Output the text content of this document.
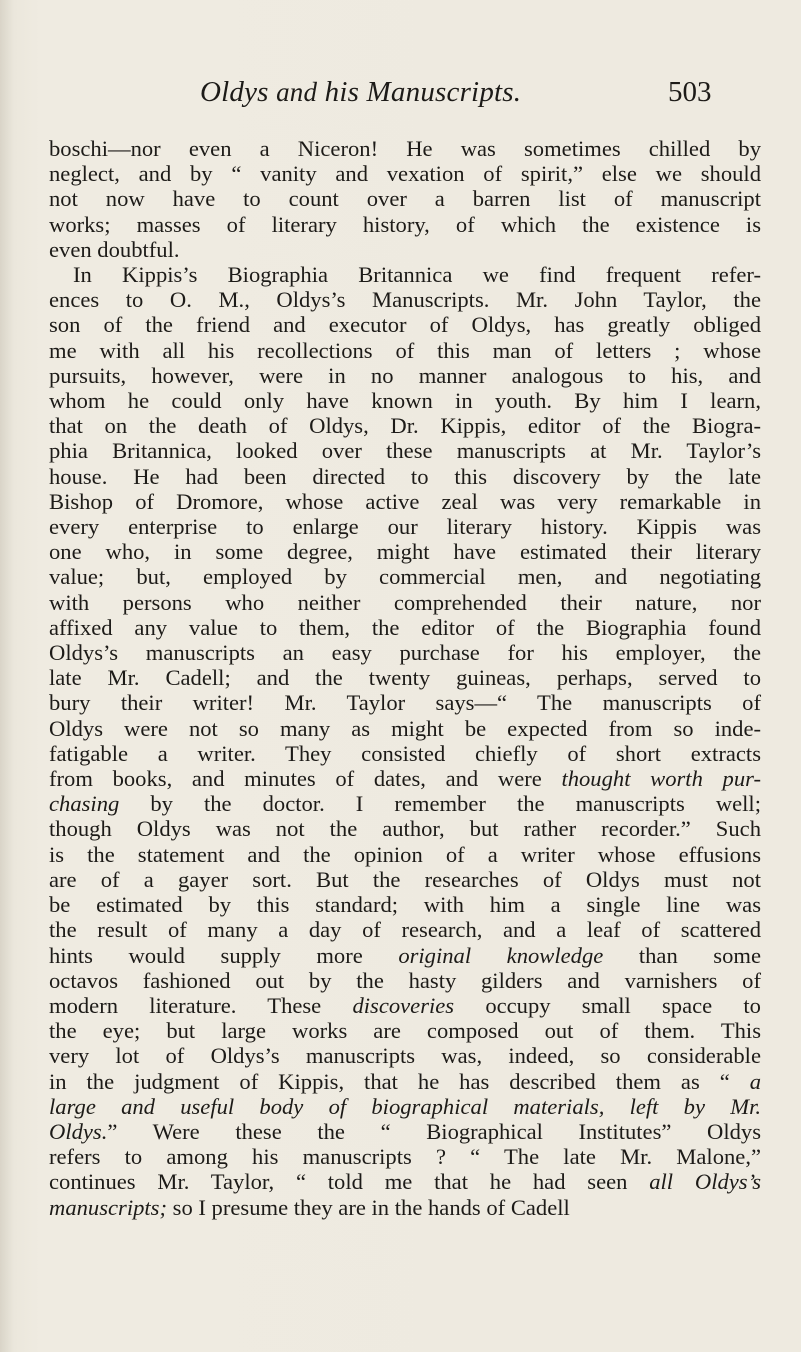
Oldys and his Manuscripts.	503

boschi—nor even a Niceron! He was sometimes chilled by

neglect, and by “ vanity and vexation of spirit,” else we should

not now have to count over a barren list of manuscript

works; masses of literary history, of which the existence is

even doubtful.

In Kippis’s Biographia Britannica we find frequent refer-

ences to O. M., Oldys’s Manuscripts. Mr. John Taylor, the

son of the friend and executor of Oldys, has greatly obliged

me with all his recollections of this man of letters ; whose

pursuits, however, were in no manner analogous to his, and

whom he could only have known in youth. By him I learn,

that on the death of Oldys, Dr. Kippis, editor of the Biogra-

phia Britannica, looked over these manuscripts at Mr. Taylor’s

house. He had been directed to this discovery by the late

Bishop of Dromore, whose active zeal was very remarkable in

every enterprise to enlarge our literary history. Kippis was

one who, in some degree, might have estimated their literary

value; but, employed by commercial men, and negotiating

with persons who neither comprehended their nature, nor

affixed any value to them, the editor of the Biographia found

Oldys’s manuscripts an easy purchase for his employer, the

late Mr. Cadell; and the twenty guineas, perhaps, served to

bury their writer! Mr. Taylor says—“ The manuscripts of

Oldys were not so many as might be expected from so inde-

fatigable a writer. They consisted chiefly of short extracts

from books, and minutes of dates, and were thought worth pur-

chasing by the doctor. I remember the manuscripts well;

though Oldys was not the author, but rather recorder.” Such

is the statement and the opinion of a writer whose effusions

are of a gayer sort. But the researches of Oldys must not

be estimated by this standard; with him a single line was

the result of many a day of research, and a leaf of scattered

hints would supply more original knowledge than some

octavos fashioned out by the hasty gilders and varnishers of

modern literature. These discoveries occupy small space to

the eye; but large works are composed out of them. This

very lot of Oldys’s manuscripts was, indeed, so considerable

in the judgment of Kippis, that he has described them as “ a

large and useful body of biographical materials, left by Mr.

Oldys.” Were these the “ Biographical Institutes” Oldys

refers to among his manuscripts ? “ The late Mr. Malone,”

continues Mr. Taylor, “ told me that he had seen all Oldys’s

manuscripts; so I presume they are in the hands of Cadell
